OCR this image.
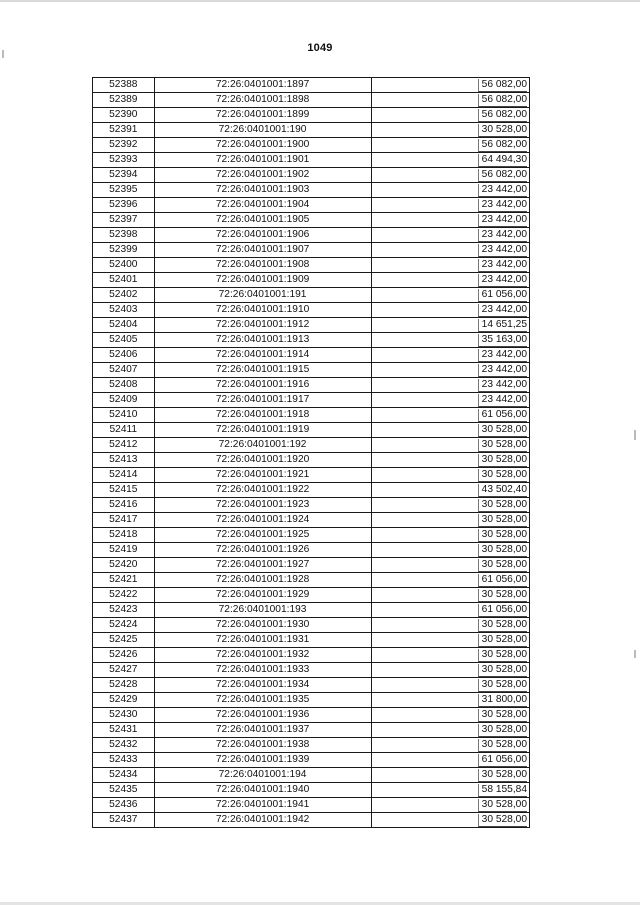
1049
52388	72:26:0401001:1897	56 082,00
52389	72:26:0401001:1898	56 082,00
52390	72:26:0401001:1899	56 082,00
52391	72:26:0401001:190	30 528,00
52392	72:26:0401001:1900	56 082,00
52393	72:26:0401001:1901	64 494,30
52394	72:26:0401001:1902	56 082,00
52395	72:26:0401001:1903	23 442,00
52396	72:26:0401001:1904	23 442,00
52397	72:26:0401001:1905	23 442,00
52398	72:26:0401001:1906	23 442,00
52399	72:26:0401001:1907	23 442,00
52400	72:26:0401001:1908	23 442,00
52401	72:26:0401001:1909	23 442,00
52402	72:26:0401001:191	61 056,00
52403	72:26:0401001:1910	23 442,00
52404	72:26:0401001:1912	14 651,25
52405	72:26:0401001:1913	35 163,00
52406	72:26:0401001:1914	23 442,00
52407	72:26:0401001:1915	23 442,00
52408	72:26:0401001:1916	23 442,00
52409	72:26:0401001:1917	23 442,00
52410	72:26:0401001:1918	61 056,00
52411	72:26:0401001:1919	30 528,00
52412	72:26:0401001:192	30 528,00
52413	72:26:0401001:1920	30 528,00
52414	72:26:0401001:1921	30 528,00
52415	72:26:0401001:1922	43 502,40
52416	72:26:0401001:1923	30 528,00
52417	72:26:0401001:1924	30 528,00
52418	72:26:0401001:1925	30 528,00
52419	72:26:0401001:1926	30 528,00
52420	72:26:0401001:1927	30 528,00
52421	72:26:0401001:1928	61 056,00
52422	72:26:0401001:1929	30 528,00
52423	72:26:0401001:193	61 056,00
52424	72:26:0401001:1930	30 528,00
52425	72:26:0401001:1931	30 528,00
52426	72:26:0401001:1932	30 528,00
52427	72:26:0401001:1933	30 528,00
52428	72:26:0401001:1934	30 528,00
52429	72:26:0401001:1935	31 800,00
52430	72:26:0401001:1936	30 528,00
52431	72:26:0401001:1937	30 528,00
52432	72:26:0401001:1938	30 528,00
52433	72:26:0401001:1939	61 056,00
52434	72:26:0401001:194	30 528,00
52435	72:26:0401001:1940	58 155,84
52436	72:26:0401001:1941	30 528,00
52437	72:26:0401001:1942	30 528,00
